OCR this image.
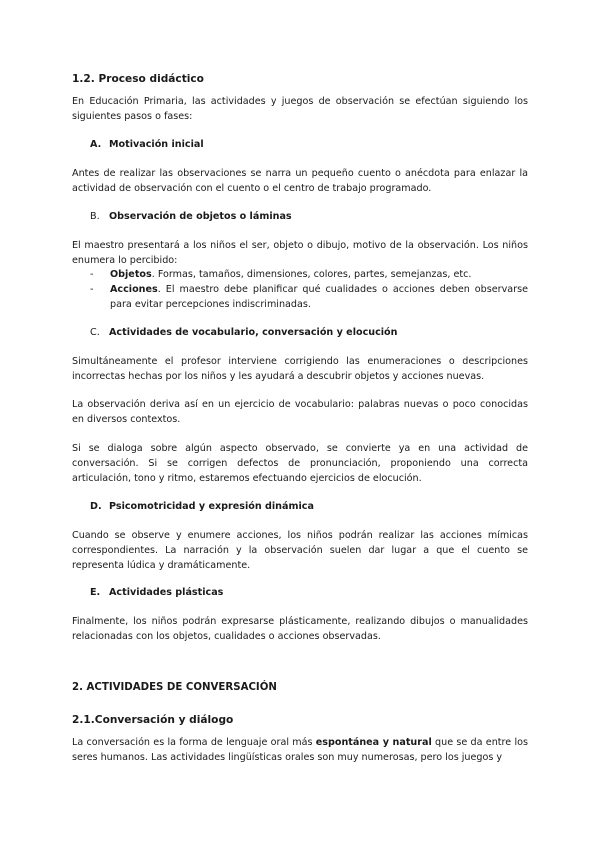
1.2. Proceso didáctico
En Educación Primaria, las actividades y juegos de observación se efectúan siguiendo los siguientes pasos o fases:
A. Motivación inicial
Antes de realizar las observaciones se narra un pequeño cuento o anécdota para enlazar la actividad de observación con el cuento o el centro de trabajo programado.
B. Observación de objetos o láminas
El maestro presentará a los niños el ser, objeto o dibujo, motivo de la observación. Los niños enumera lo percibido:
- Objetos. Formas, tamaños, dimensiones, colores, partes, semejanzas, etc.
- Acciones. El maestro debe planificar qué cualidades o acciones deben observarse para evitar percepciones indiscriminadas.
C. Actividades de vocabulario, conversación y elocución
Simultáneamente el profesor interviene corrigiendo las enumeraciones o descripciones incorrectas hechas por los niños y les ayudará a descubrir objetos y acciones nuevas.
La observación deriva así en un ejercicio de vocabulario: palabras nuevas o poco conocidas en diversos contextos.
Si se dialoga sobre algún aspecto observado, se convierte ya en una actividad de conversación. Si se corrigen defectos de pronunciación, proponiendo una correcta articulación, tono y ritmo, estaremos efectuando ejercicios de elocución.
D. Psicomotricidad y expresión dinámica
Cuando se observe y enumere acciones, los niños podrán realizar las acciones mímicas correspondientes. La narración y la observación suelen dar lugar a que el cuento se representa lúdica y dramáticamente.
E. Actividades plásticas
Finalmente, los niños podrán expresarse plásticamente, realizando dibujos o manualidades relacionadas con los objetos, cualidades o acciones observadas.
2. ACTIVIDADES DE CONVERSACIÓN
2.1.Conversación y diálogo
La conversación es la forma de lenguaje oral más espontánea y natural que se da entre los seres humanos. Las actividades lingüísticas orales son muy numerosas, pero los juegos y
